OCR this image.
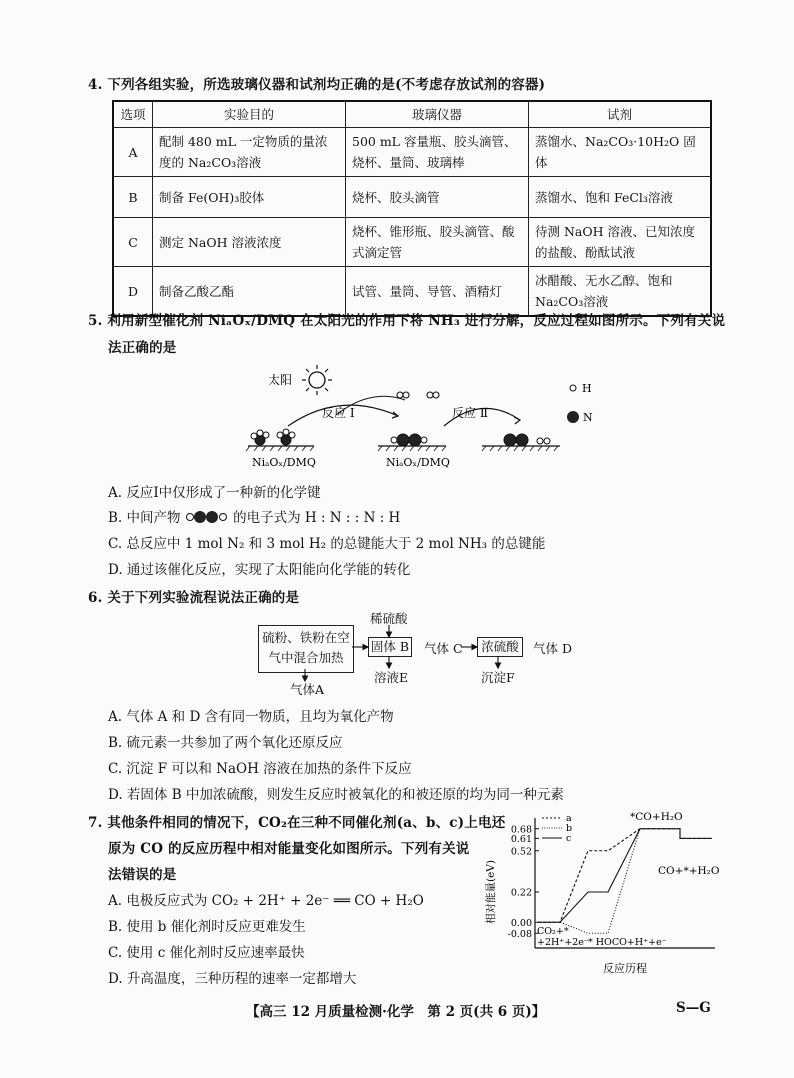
4. 下列各组实验，所选玻璃仪器和试剂均正确的是(不考虑存放试剂的容器)
选项	实验目的	玻璃仪器	试剂
A	配制 480 mL 一定物质的量浓度的 Na₂CO₃溶液	500 mL 容量瓶、胶头滴管、烧杯、量筒、玻璃棒	蒸馏水、Na₂CO₃·10H₂O 固体
B	制备 Fe(OH)₃胶体	烧杯、胶头滴管	蒸馏水、饱和 FeCl₃溶液
C	测定 NaOH 溶液浓度	烧杯、锥形瓶、胶头滴管、酸式滴定管	待测 NaOH 溶液、已知浓度的盐酸、酚酞试液
D	制备乙酸乙酯	试管、量筒、导管、酒精灯	冰醋酸、无水乙醇、饱和 Na₂CO₃溶液
5. 利用新型催化剂 NiₐOₓ/DMQ 在太阳光的作用下将 NH₃ 进行分解，反应过程如图所示。下列有关说
法正确的是
太阳
反应 Ⅰ	反应 Ⅱ
NiₐOₓ/DMQ	NiₐOₓ/DMQ
H
N
A. 反应Ⅰ中仅形成了一种新的化学键
B. 中间产物	的电子式为 H : N : : N : H
C. 总反应中 1 mol N₂ 和 3 mol H₂ 的总键能大于 2 mol NH₃ 的总键能
D. 通过该催化反应，实现了太阳能向化学能的转化
6. 关于下列实验流程说法正确的是
稀硫酸
硫粉、铁粉在空
气中混合加热
固体 B 气体 C	浓硫酸	气体 D
气体A
溶液E	沉淀F
A. 气体 A 和 D 含有同一物质，且均为氧化产物
B. 硫元素一共参加了两个氧化还原反应
C. 沉淀 F 可以和 NaOH 溶液在加热的条件下反应
D. 若固体 B 中加浓硫酸，则发生反应时被氧化的和被还原的均为同一种元素
7. 其他条件相同的情况下，CO₂在三种不同催化剂(a、b、c)上电还
原为 CO 的反应历程中相对能量变化如图所示。下列有关说
法错误的是
A. 电极反应式为 CO₂ + 2H⁺ + 2e⁻ ══ CO + H₂O
B. 使用 b 催化剂时反应更难发生
C. 使用 c 催化剂时反应速率最快
D. 升高温度，三种历程的速率一定都增大
0.68
0.61
0.52
0.22
0.00
-0.08
相对能量(eV)
反应历程
a
b
c
*CO+H₂O
CO+*+H₂O
CO₂+*
+2H⁺+2e⁻ * HOCO+H⁺+e⁻
【高三 12 月质量检测·化学　第 2 页(共 6 页)】	S—G
